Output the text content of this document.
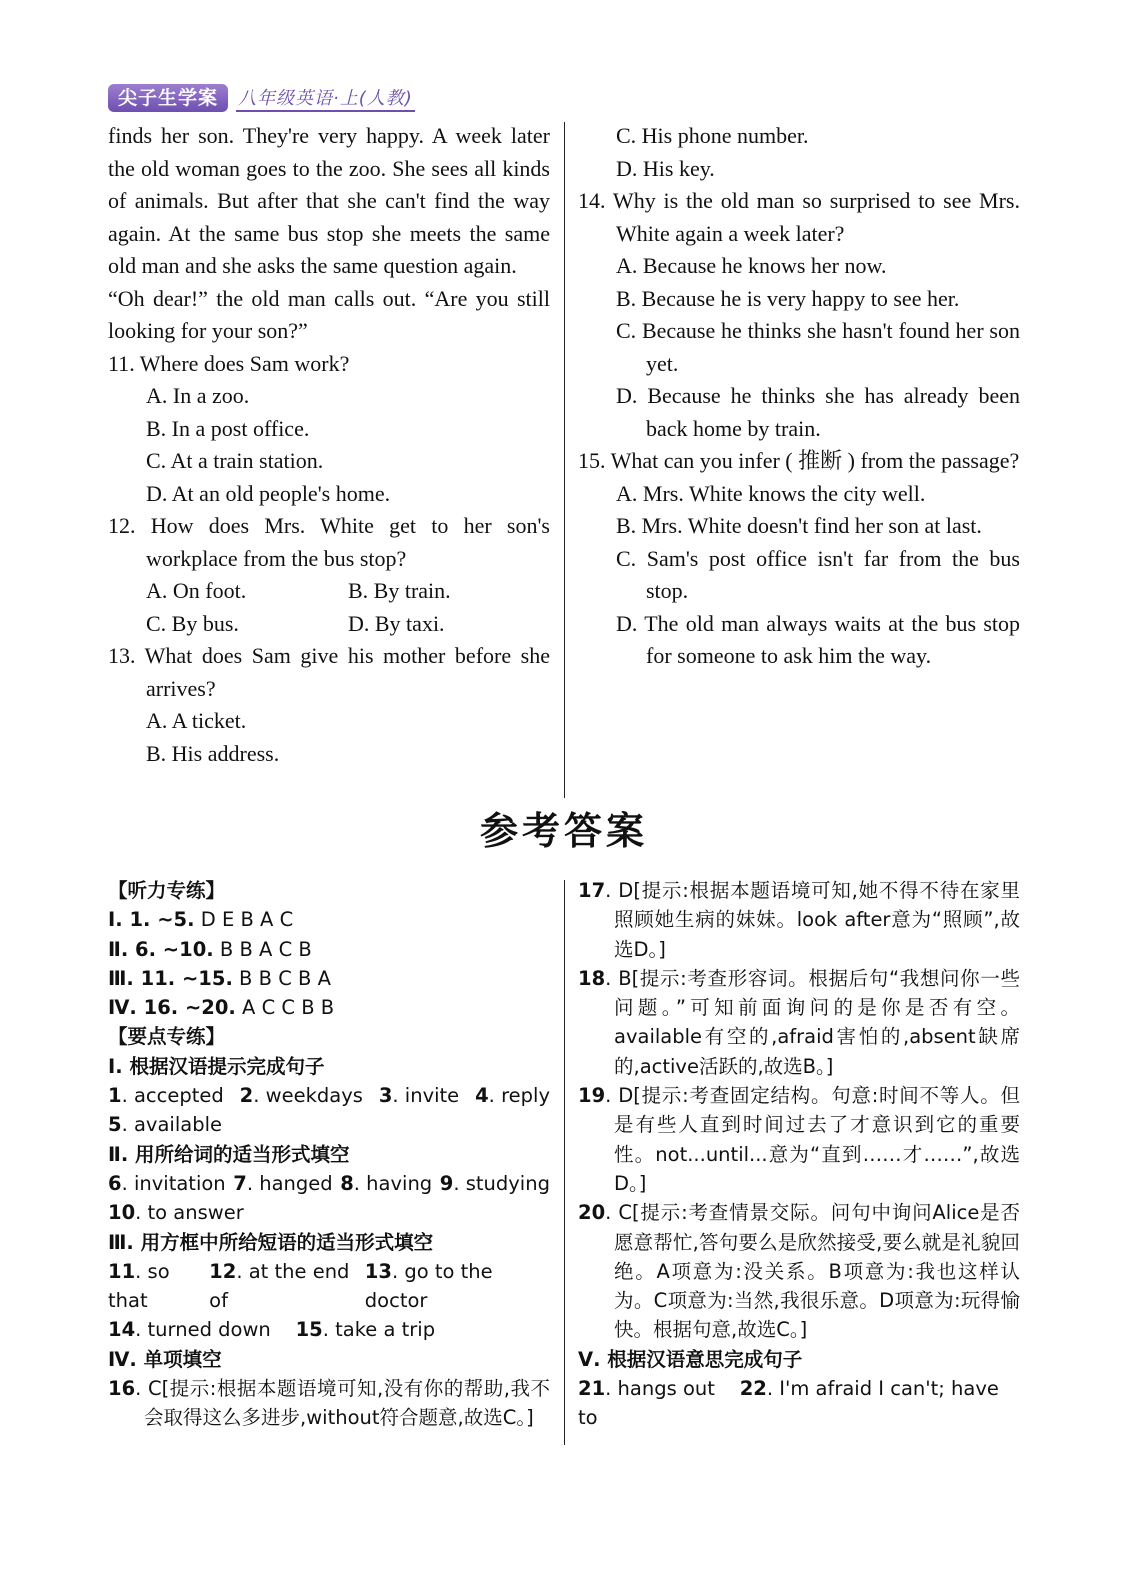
尖子生学案	八年级英语·上(人教)

finds her son. They're very happy. A week later the old woman goes to the zoo. She sees all kinds of animals. But after that she can't find the way again. At the same bus stop she meets the same old man and she asks the same question again.

“Oh dear!” the old man calls out. “Are you still looking for your son?”

11. Where does Sam work?
A. In a zoo.
B. In a post office.
C. At a train station.
D. At an old people's home.
12. How does Mrs. White get to her son's workplace from the bus stop?
A. On foot.	B. By train.
C. By bus.	D. By taxi.
13. What does Sam give his mother before she arrives?
A. A ticket.
B. His address.
C. His phone number.
D. His key.
14. Why is the old man so surprised to see Mrs. White again a week later?
A. Because he knows her now.
B. Because he is very happy to see her.
C. Because he thinks she hasn't found her son yet.
D. Because he thinks she has already been back home by train.
15. What can you infer ( 推断 ) from the passage?
A. Mrs. White knows the city well.
B. Mrs. White doesn't find her son at last.
C. Sam's post office isn't far from the bus stop.
D. The old man always waits at the bus stop for someone to ask him the way.
参考答案

【听力专练】

Ⅰ. 1. ~5. D E B A C

Ⅱ. 6. ~10. B B A C B

Ⅲ. 11. ~15. B B C B A

Ⅳ. 16. ~20. A C C B B

【要点专练】

Ⅰ. 根据汉语提示完成句子

1. accepted 2. weekdays 3. invite 4. reply

5. available

Ⅱ. 用所给词的适当形式填空

6. invitation 7. hanged 8. having 9. studying

10. to answer

Ⅲ. 用方框中所给短语的适当形式填空

11. so that
12. at the end of
13. go to the doctor

14. turned down 15. take a trip

Ⅳ. 单项填空

16. C[提示:根据本题语境可知,没有你的帮助,我不会取得这么多进步,without符合题意,故选C。]

17. D[提示:根据本题语境可知,她不得不待在家里照顾她生病的妹妹。look after意为“照顾”,故选D。]

18. B[提示:考查形容词。根据后句“我想问你一些问题。”可知前面询问的是你是否有空。available有空的,afraid害怕的,absent缺席的,active活跃的,故选B。]

19. D[提示:考查固定结构。句意:时间不等人。但是有些人直到时间过去了才意识到它的重要性。not...until...意为“直到……才……”,故选D。]

20. C[提示:考查情景交际。问句中询问Alice是否愿意帮忙,答句要么是欣然接受,要么就是礼貌回绝。A项意为:没关系。B项意为:我也这样认为。C项意为:当然,我很乐意。D项意为:玩得愉快。根据句意,故选C。]

Ⅴ. 根据汉语意思完成句子

21. hangs out 22. I'm afraid I can't; have to
